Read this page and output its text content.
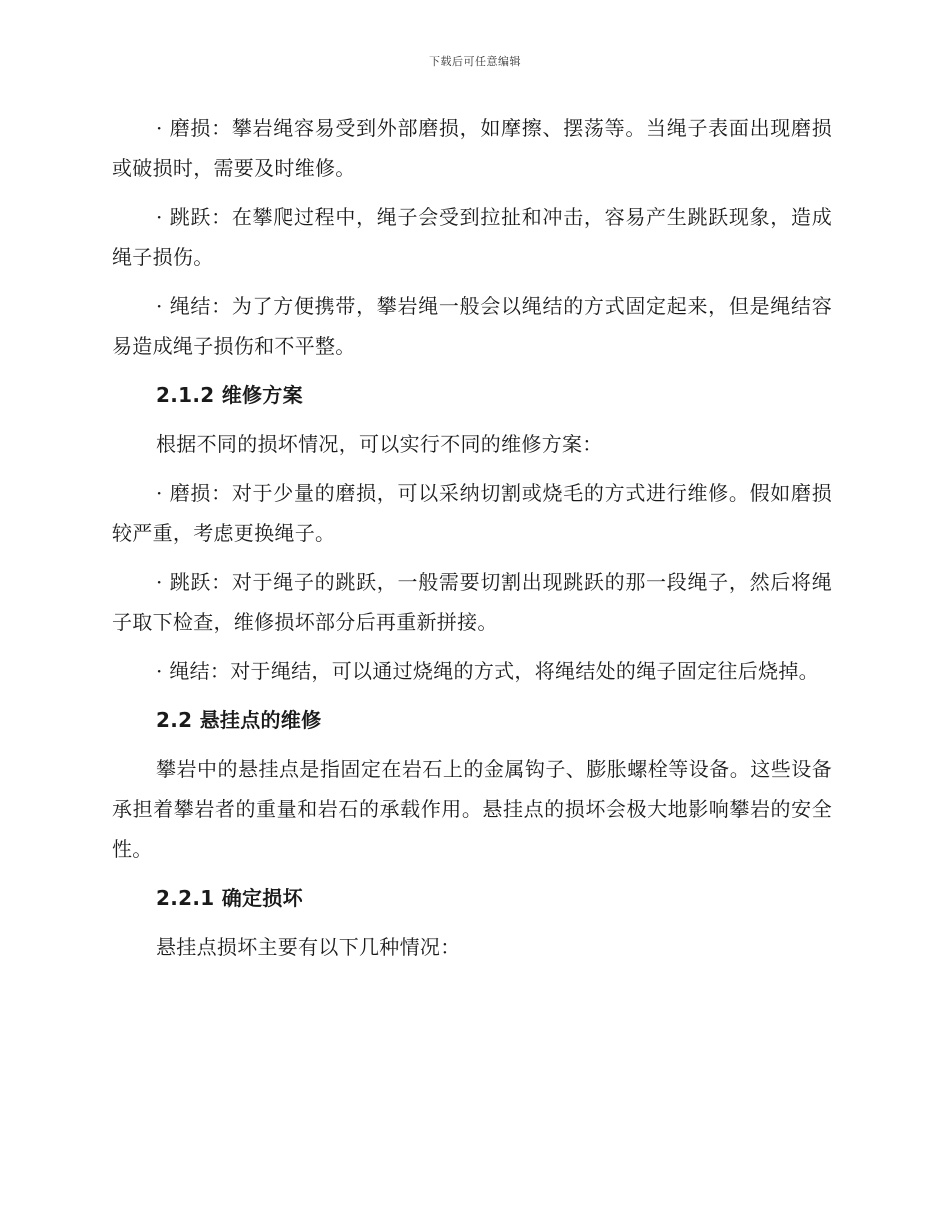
下载后可任意编辑

· 磨损：攀岩绳容易受到外部磨损，如摩擦、摆荡等。当绳子表面出现磨损或破损时，需要及时维修。

· 跳跃：在攀爬过程中，绳子会受到拉扯和冲击，容易产生跳跃现象，造成绳子损伤。

· 绳结：为了方便携带，攀岩绳一般会以绳结的方式固定起来，但是绳结容易造成绳子损伤和不平整。

2.1.2 维修方案

根据不同的损坏情况，可以实行不同的维修方案：

· 磨损：对于少量的磨损，可以采纳切割或烧毛的方式进行维修。假如磨损较严重，考虑更换绳子。

· 跳跃：对于绳子的跳跃，一般需要切割出现跳跃的那一段绳子，然后将绳子取下检查，维修损坏部分后再重新拼接。

· 绳结：对于绳结，可以通过烧绳的方式，将绳结处的绳子固定往后烧掉。

2.2 悬挂点的维修

攀岩中的悬挂点是指固定在岩石上的金属钩子、膨胀螺栓等设备。这些设备承担着攀岩者的重量和岩石的承载作用。悬挂点的损坏会极大地影响攀岩的安全性。

2.2.1 确定损坏

悬挂点损坏主要有以下几种情况：
